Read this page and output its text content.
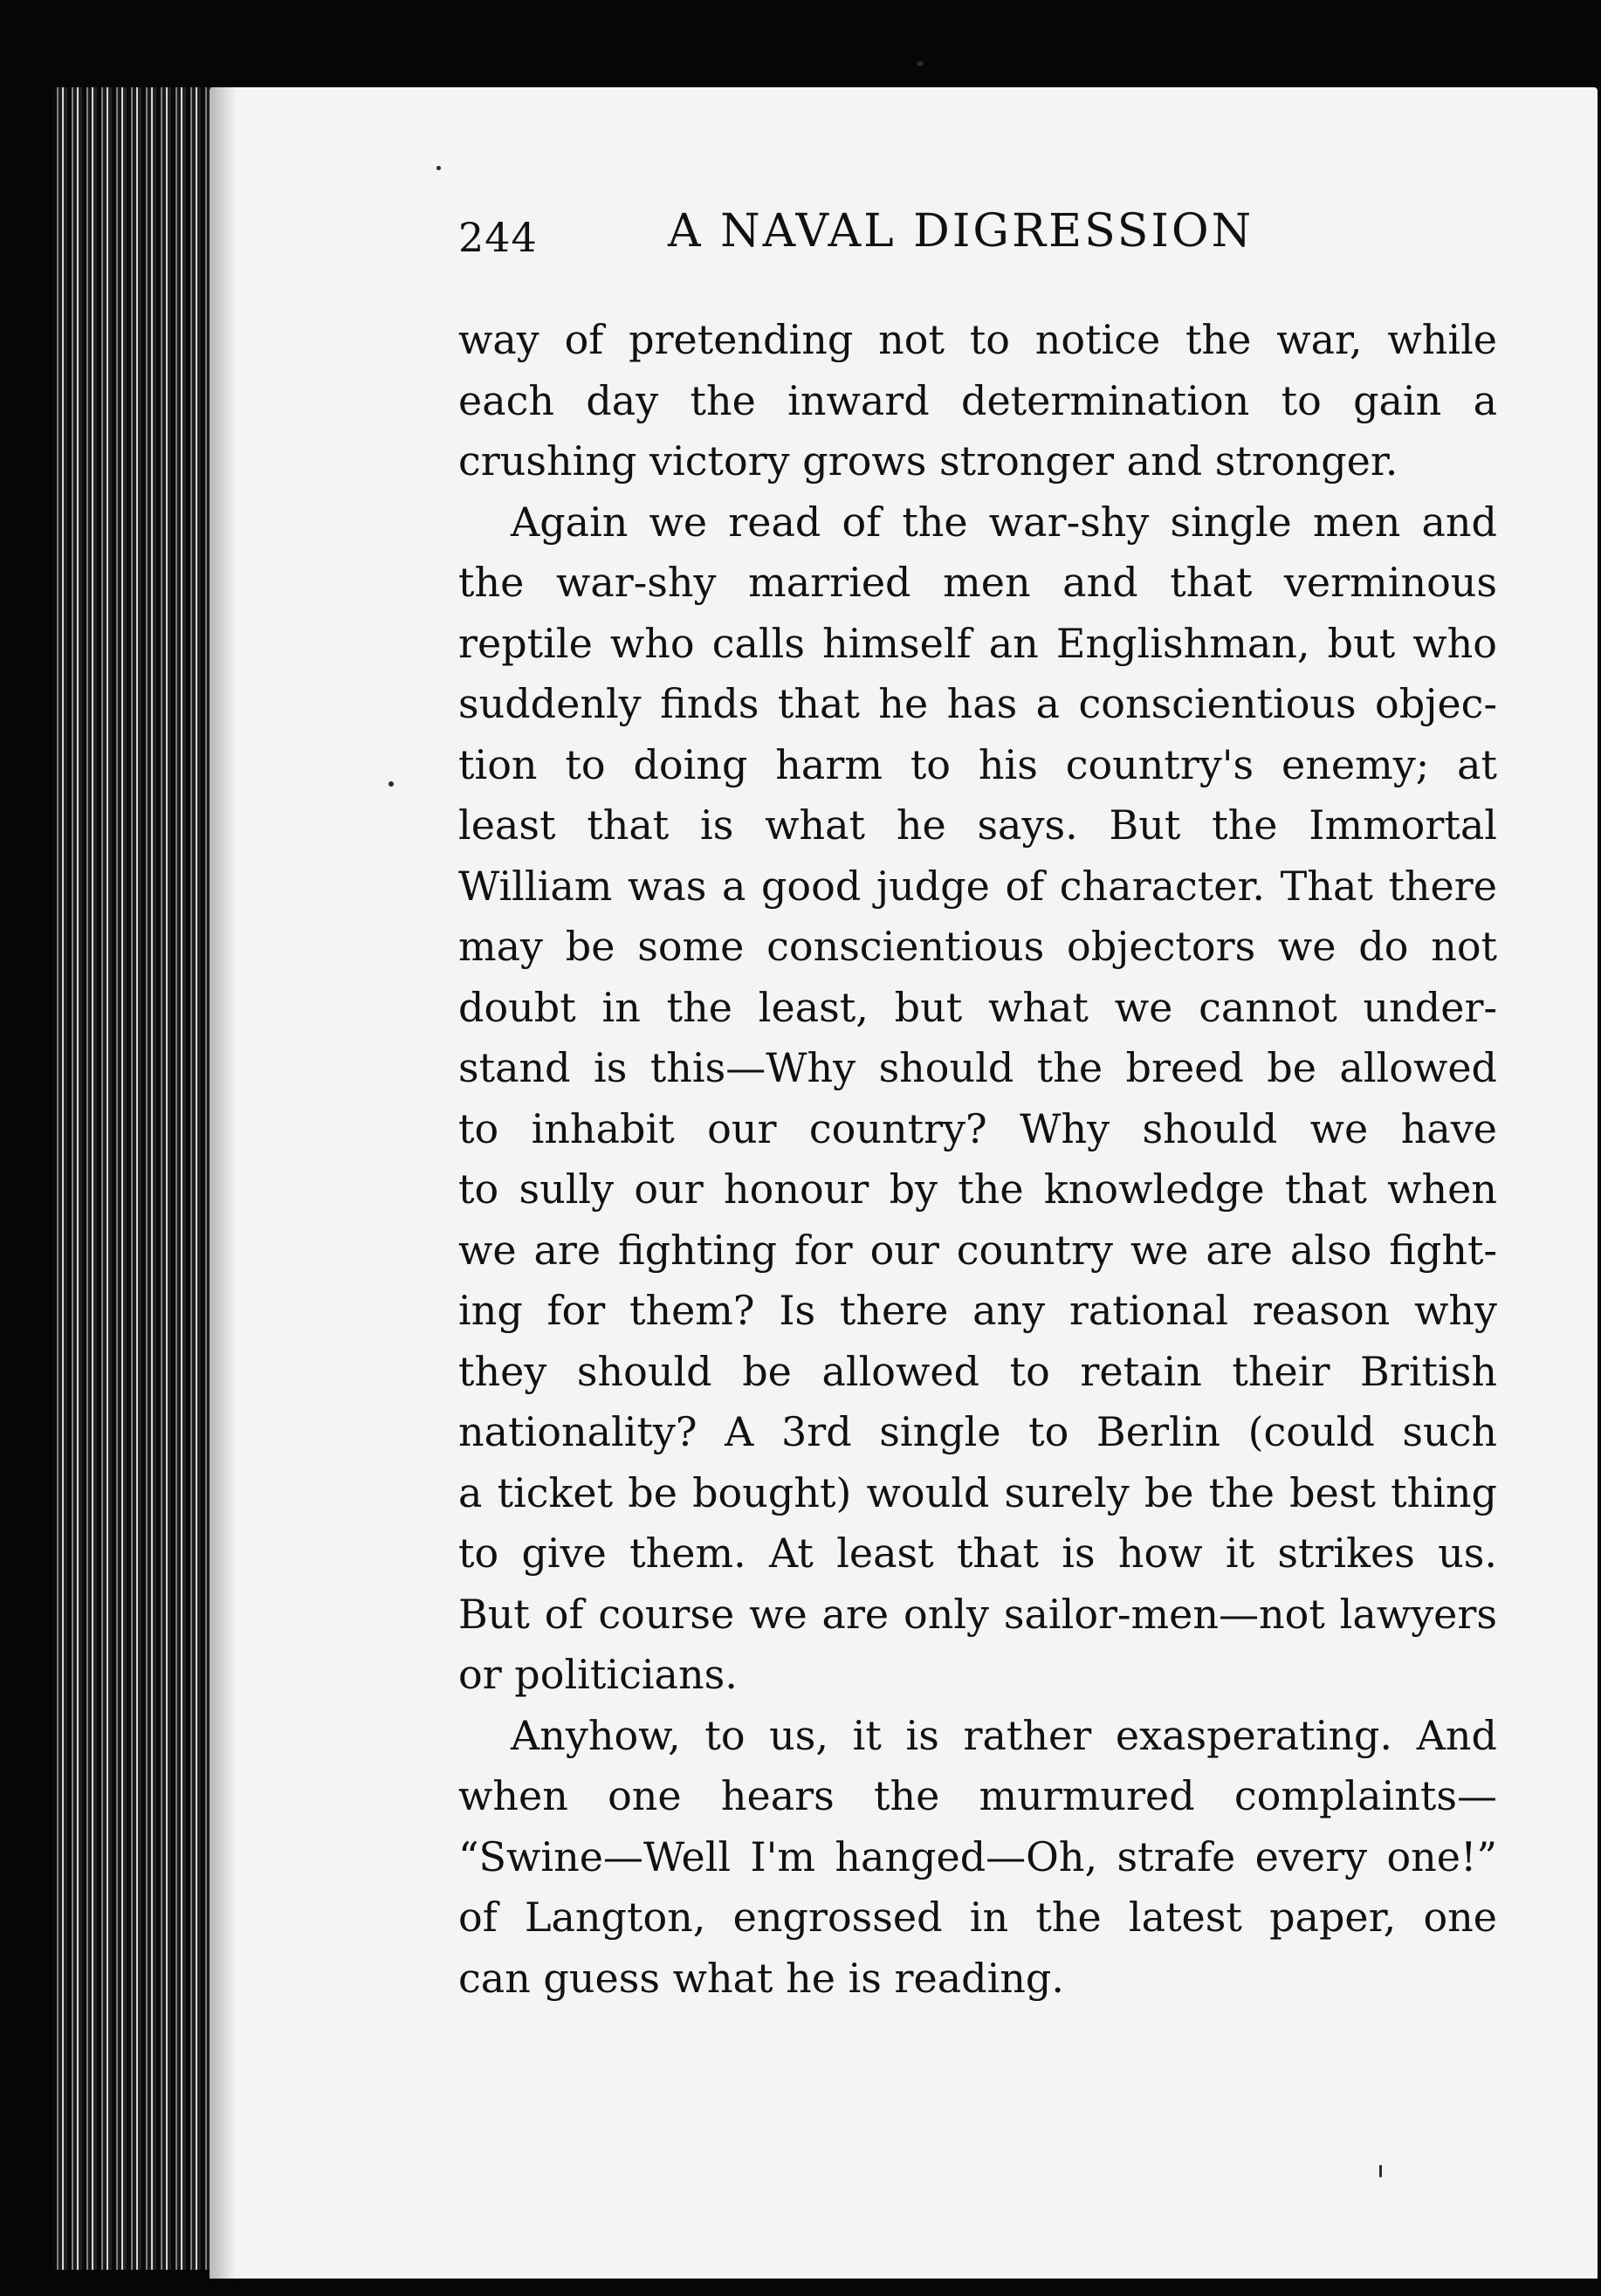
244	A NAVAL DIGRESSION

way of pretending not to notice the war, while
each day the inward determination to gain a
crushing victory grows stronger and stronger.

Again we read of the war-shy single men and
the war-shy married men and that verminous
reptile who calls himself an Englishman, but who
suddenly finds that he has a conscientious objec-
tion to doing harm to his country's enemy; at
least that is what he says. But the Immortal
William was a good judge of character. That there
may be some conscientious objectors we do not
doubt in the least, but what we cannot under-
stand is this—Why should the breed be allowed
to inhabit our country? Why should we have
to sully our honour by the knowledge that when
we are fighting for our country we are also fight-
ing for them? Is there any rational reason why
they should be allowed to retain their British
nationality? A 3rd single to Berlin (could such
a ticket be bought) would surely be the best thing
to give them. At least that is how it strikes us.
But of course we are only sailor-men—not lawyers
or politicians.

Anyhow, to us, it is rather exasperating. And
when one hears the murmured complaints—
“Swine—Well I'm hanged—Oh, strafe every one!”
of Langton, engrossed in the latest paper, one
can guess what he is reading.
